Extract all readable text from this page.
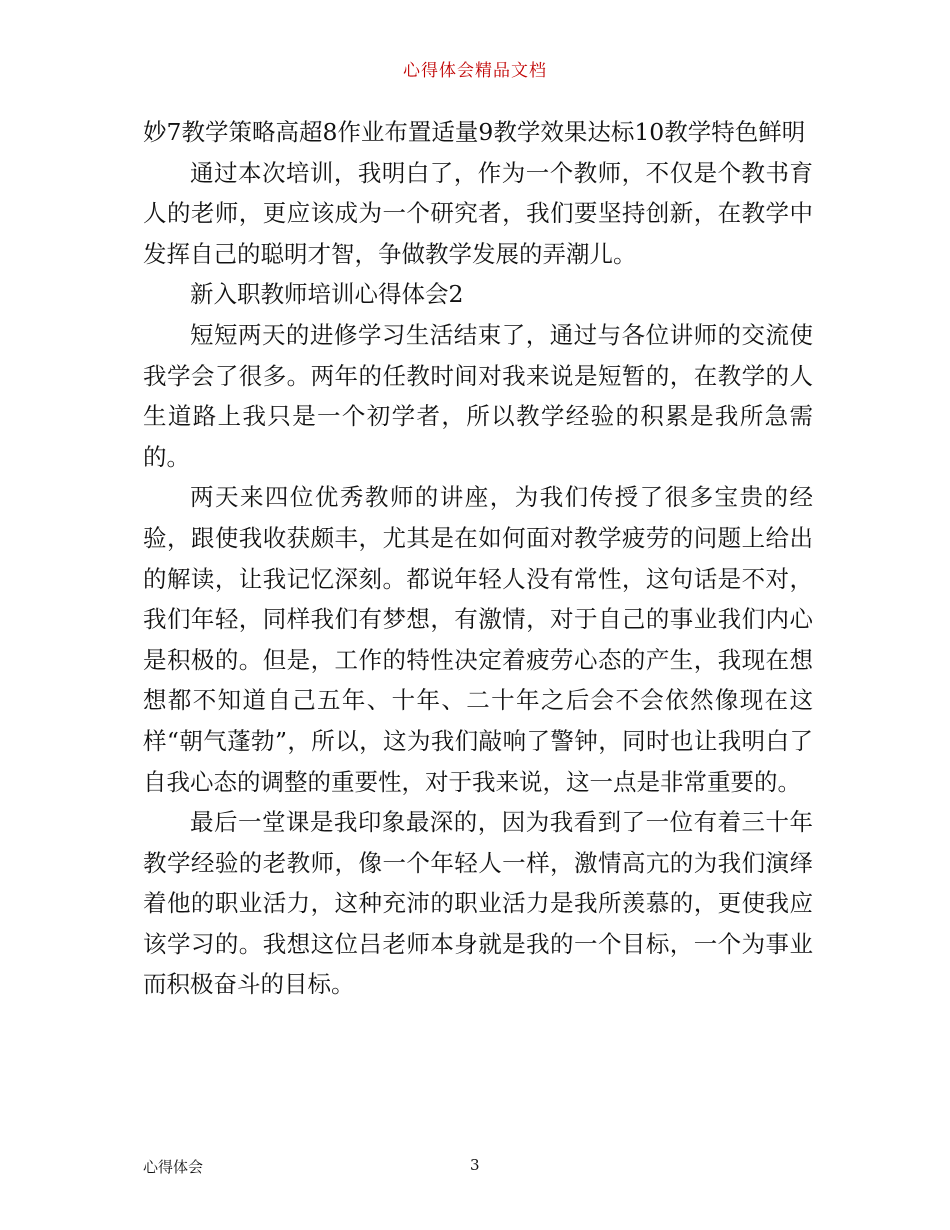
心得体会精品文档

妙7教学策略高超8作业布置适量9教学效果达标10教学特色鲜明

通过本次培训，我明白了，作为一个教师，不仅是个教书育人的老师，更应该成为一个研究者，我们要坚持创新，在教学中发挥自己的聪明才智，争做教学发展的弄潮儿。

新入职教师培训心得体会2

短短两天的进修学习生活结束了，通过与各位讲师的交流使我学会了很多。两年的任教时间对我来说是短暂的，在教学的人生道路上我只是一个初学者，所以教学经验的积累是我所急需的。

两天来四位优秀教师的讲座，为我们传授了很多宝贵的经验，跟使我收获颇丰，尤其是在如何面对教学疲劳的问题上给出的解读，让我记忆深刻。都说年轻人没有常性，这句话是不对，我们年轻，同样我们有梦想，有激情，对于自己的事业我们内心是积极的。但是，工作的特性决定着疲劳心态的产生，我现在想想都不知道自己五年、十年、二十年之后会不会依然像现在这样“朝气蓬勃”，所以，这为我们敲响了警钟，同时也让我明白了自我心态的调整的重要性，对于我来说，这一点是非常重要的。

最后一堂课是我印象最深的，因为我看到了一位有着三十年教学经验的老教师，像一个年轻人一样，激情高亢的为我们演绎着他的职业活力，这种充沛的职业活力是我所羡慕的，更使我应该学习的。我想这位吕老师本身就是我的一个目标，一个为事业而积极奋斗的目标。

心得体会	3
